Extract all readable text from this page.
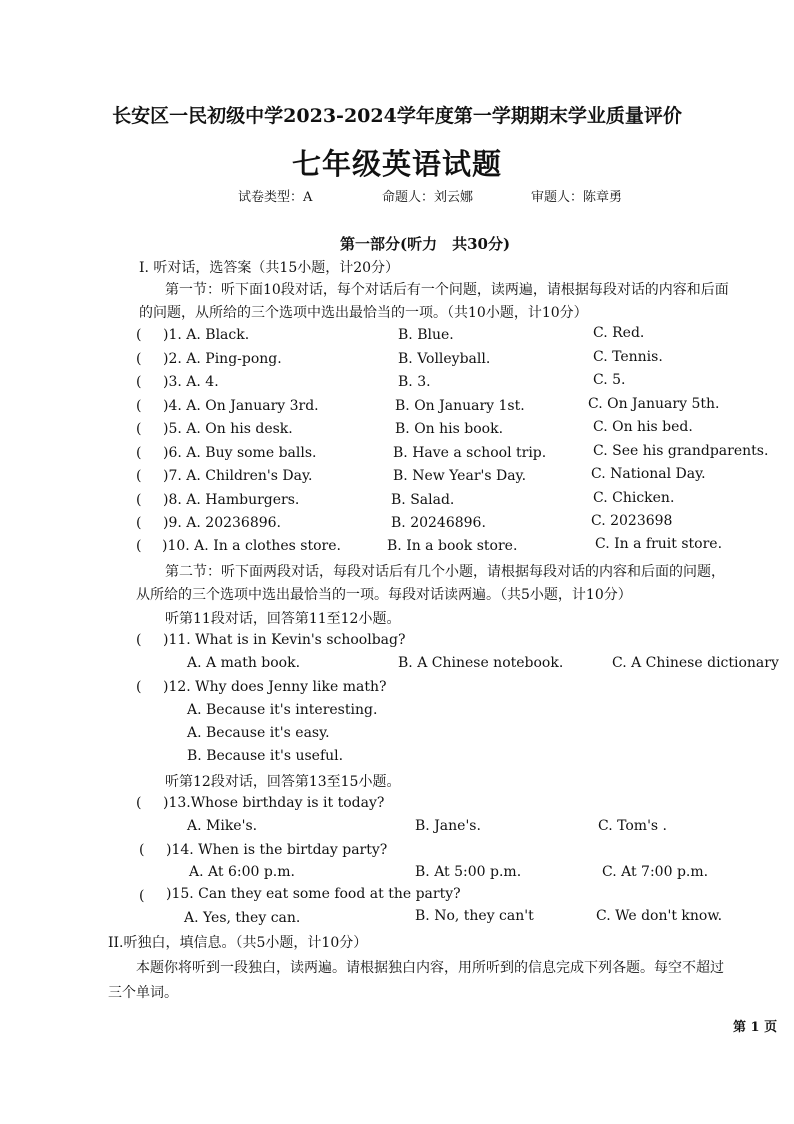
长安区一民初级中学2023-2024学年度第一学期期末学业质量评价
七年级英语试题
试卷类型：A	命题人：刘云娜	审题人：陈章勇
第一部分(听力　共30分)
I. 听对话，选答案（共15小题，计20分）
第一节：听下面10段对话，每个对话后有一个问题，读两遍，请根据每段对话的内容和后面
的问题，从所给的三个选项中选出最恰当的一项。（共10小题，计10分）
( )1. A. Black.	B. Blue.	C. Red.
( )2. A. Ping-pong.	B. Volleyball.	C. Tennis.
( )3. A. 4.	B. 3.	C. 5.
( )4. A. On January 3rd.	B. On January 1st.	C. On January 5th.
( )5. A. On his desk.	B. On his book.	C. On his bed.
( )6. A. Buy some balls.	B. Have a school trip.	C. See his grandparents.
( )7. A. Children's Day.	B. New Year's Day.	C. National Day.
( )8. A. Hamburgers.	B. Salad.	C. Chicken.
( )9. A. 20236896.	B. 20246896.	C. 2023698
( )10. A. In a clothes store.	B. In a book store.	C. In a fruit store.
第二节：听下面两段对话，每段对话后有几个小题，请根据每段对话的内容和后面的问题，
从所给的三个选项中选出最恰当的一项。每段对话读两遍。（共5小题，计10分）
听第11段对话，回答第11至12小题。
( )11. What is in Kevin's schoolbag?
A. A math book.	B. A Chinese notebook.	C. A Chinese dictionary
( )12. Why does Jenny like math?
A. Because it's interesting.
A. Because it's easy.
B. Because it's useful.
听第12段对话，回答第13至15小题。
( )13.Whose birthday is it today?
A. Mike's.	B. Jane's.	C. Tom's .
( )14. When is the birtday party?
A. At 6:00 p.m.	B. At 5:00 p.m.	C. At 7:00 p.m.
( )15. Can they eat some food at the party?
A. Yes, they can.	B. No, they can't	C. We don't know.
II.听独白，填信息。（共5小题，计10分）
本题你将听到一段独白，读两遍。请根据独白内容，用所听到的信息完成下列各题。每空不超过
三个单词。
第 1 页
